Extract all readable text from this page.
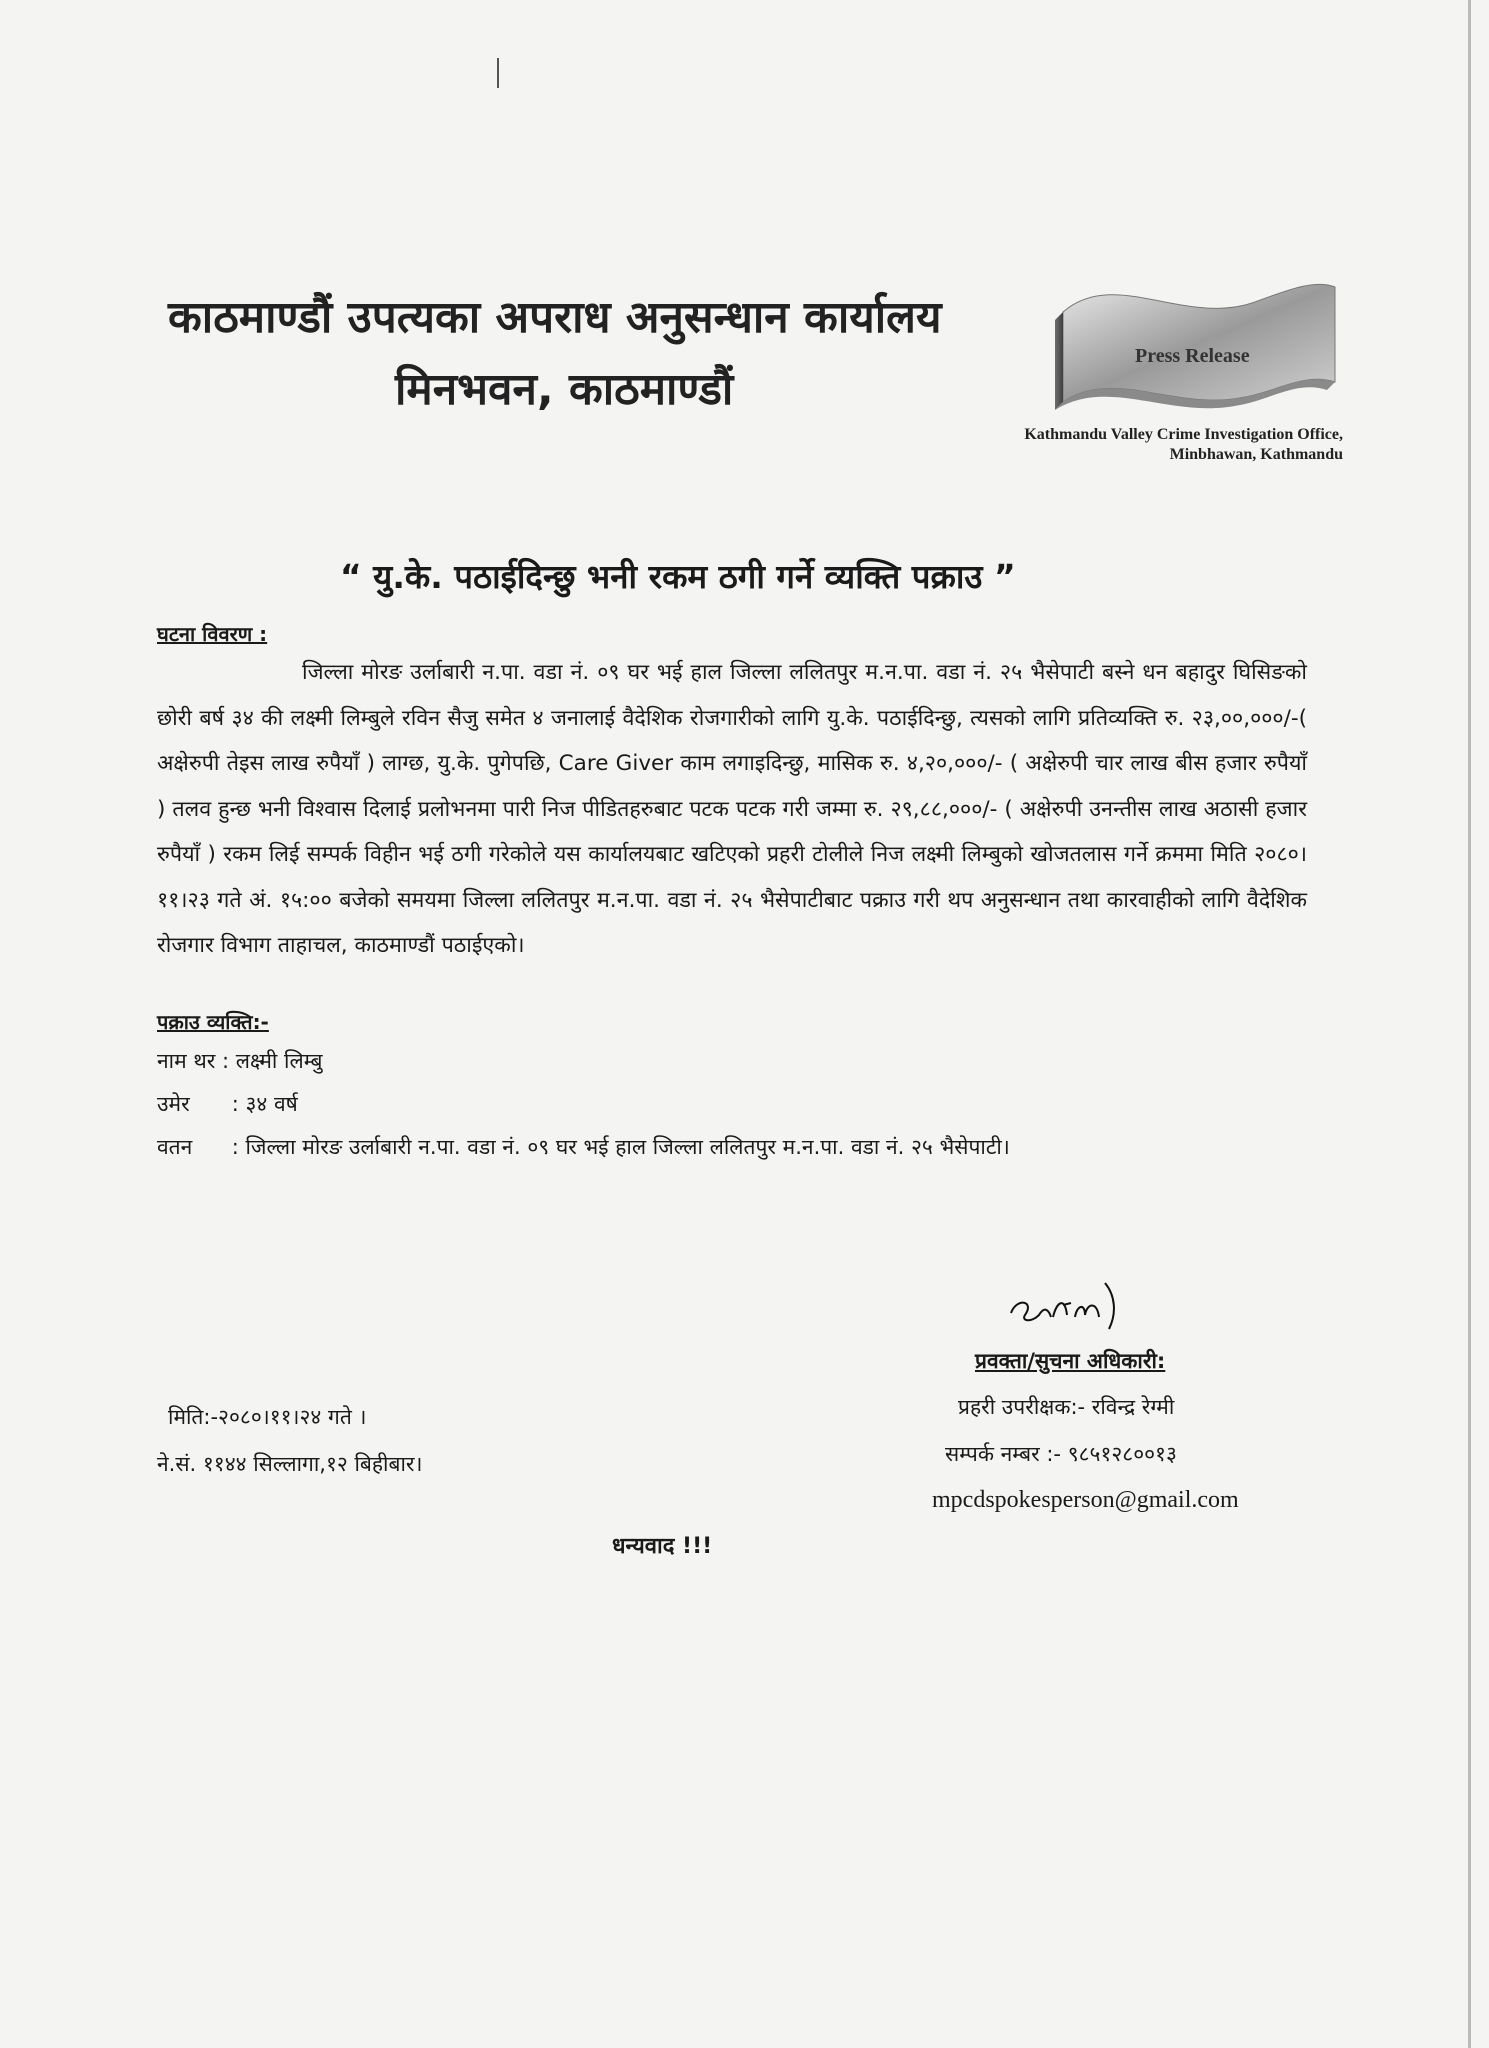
काठमाण्डौं उपत्यका अपराध अनुसन्धान कार्यालय
मिनभवन, काठमाण्डौं
Press Release
Kathmandu Valley Crime Investigation Office,
Minbhawan, Kathmandu
“ यु.के. पठाईदिन्छु भनी रकम ठगी गर्ने व्यक्ति पक्राउ ”
घटना विवरण :
जिल्ला मोरङ उर्लाबारी न.पा. वडा नं. ०९ घर भई हाल जिल्ला ललितपुर म.न.पा. वडा नं. २५ भैसेपाटी बस्ने धन बहादुर घिसिङको छोरी बर्ष ३४ की लक्ष्मी लिम्बुले रविन सैजु समेत ४ जनालाई वैदेशिक रोजगारीको लागि यु.के. पठाईदिन्छु, त्यसको लागि प्रतिव्यक्ति रु. २३,००,०००/-( अक्षेरुपी तेइस लाख रुपैयाँ ) लाग्छ, यु.के. पुगेपछि, Care Giver काम लगाइदिन्छु, मासिक रु. ४,२०,०००/- ( अक्षेरुपी चार लाख बीस हजार रुपैयाँ ) तलव हुन्छ भनी विश्वास दिलाई प्रलोभनमा पारी निज पीडितहरुबाट पटक पटक गरी जम्मा रु. २९,८८,०००/- ( अक्षेरुपी उनन्तीस लाख अठासी हजार रुपैयाँ ) रकम लिई सम्पर्क विहीन भई ठगी गरेकोले यस कार्यालयबाट खटिएको प्रहरी टोलीले निज लक्ष्मी लिम्बुको खोजतलास गर्ने क्रममा मिति २०८०।११।२३ गते अं. १५:०० बजेको समयमा जिल्ला ललितपुर म.न.पा. वडा नं. २५ भैसेपाटीबाट पक्राउ गरी थप अनुसन्धान तथा कारवाहीको लागि वैदेशिक रोजगार विभाग ताहाचल, काठमाण्डौं पठाईएको।
पक्राउ व्यक्ति:-
नाम थर : लक्ष्मी लिम्बु
उमेर : ३४ वर्ष
वतन : जिल्ला मोरङ उर्लाबारी न.पा. वडा नं. ०९ घर भई हाल जिल्ला ललितपुर म.न.पा. वडा नं. २५ भैसेपाटी।
प्रवक्ता/सुचना अधिकारी:
प्रहरी उपरीक्षक:- रविन्द्र रेग्मी
सम्पर्क नम्बर :- ९८५१२८००१३
mpcdspokesperson@gmail.com
मिति:-२०८०।११।२४ गते ।
ने.सं. ११४४ सिल्लागा,१२ बिहीबार।
धन्यवाद !!!
